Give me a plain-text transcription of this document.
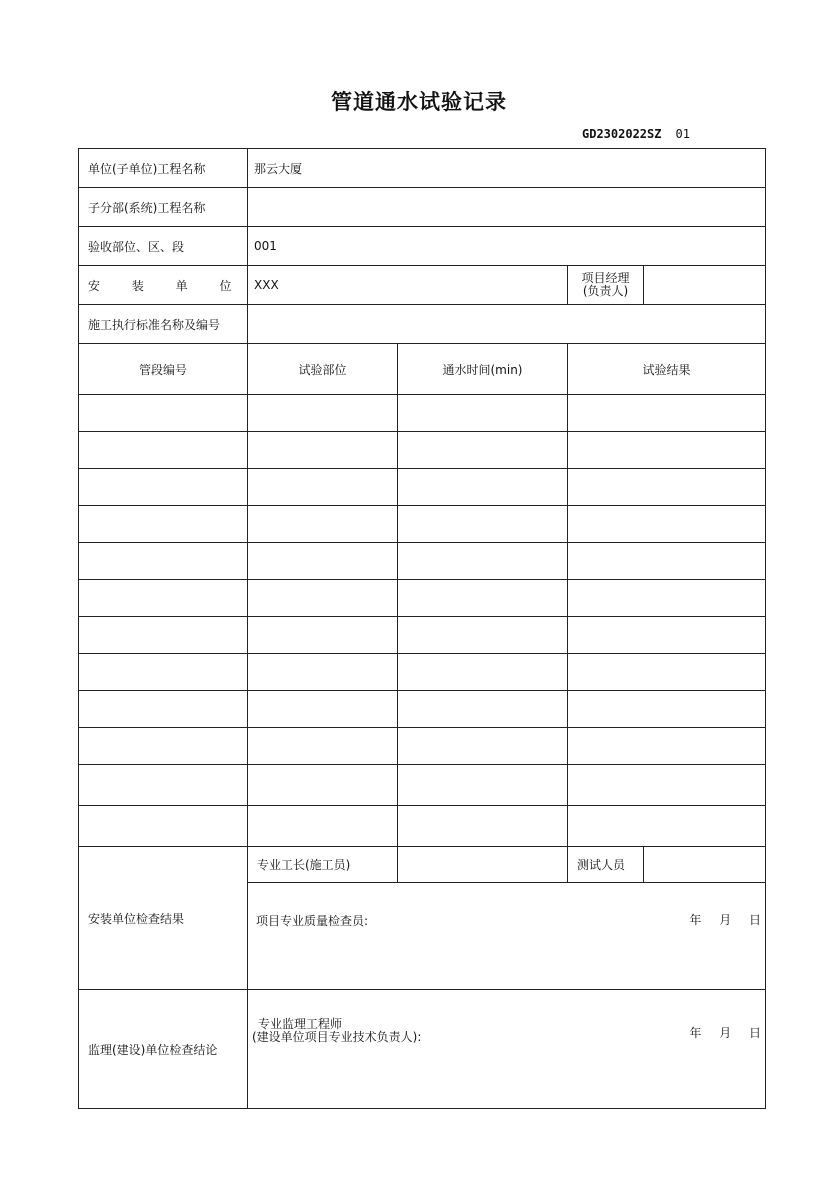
管道通水试验记录
GD2302022SZ 01
单位(子单位)工程名称	那云大厦			
子分部(系统)工程名称				
验收部位、区、段	001			
安 装 单 位	XXX		项目经理
(负责人)	

施工执行标准名称及编号				
管段编号	试验部位	通水时间(min)	试验结果	

安装单位检查结果	专业工长(施工员)		测试人员	

	项目专业质量检查员: 年 月 日			

监理(建设)单位检查结论	专业监理工程师
(建设单位项目专业技术负责人): 年 月 日			
